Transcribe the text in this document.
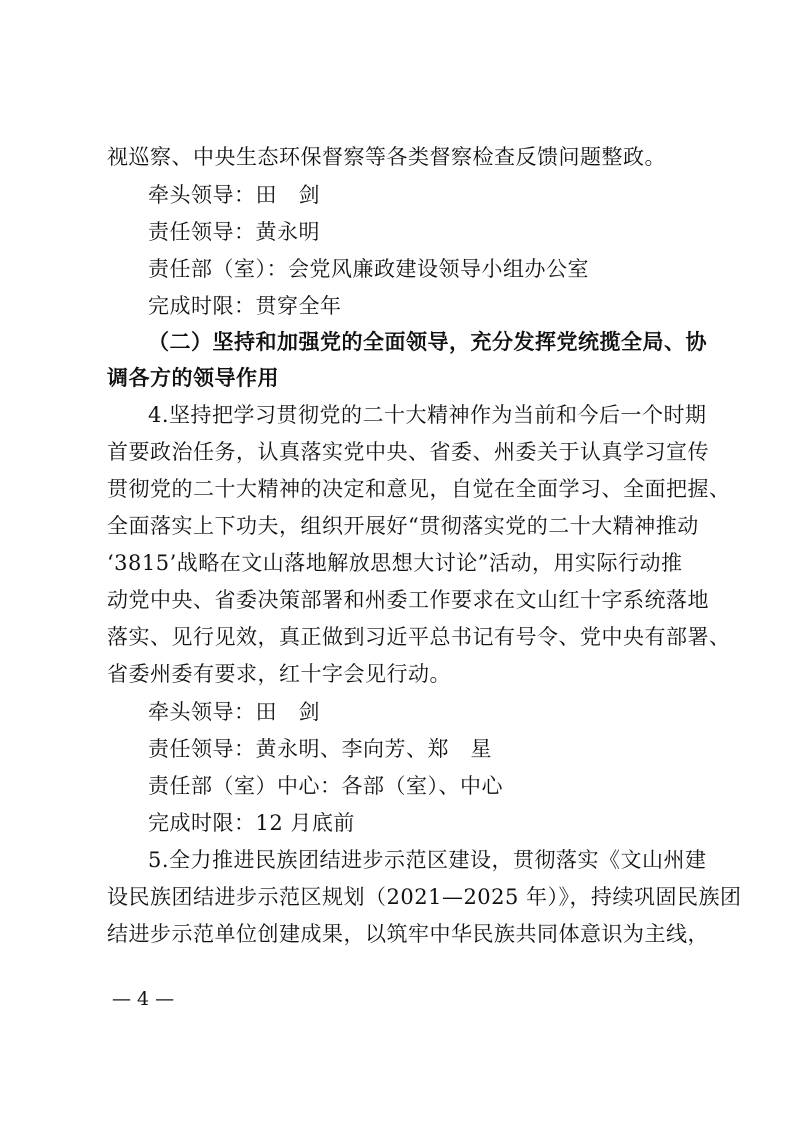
视巡察、中央生态环保督察等各类督察检查反馈问题整政。
牵头领导：田　剑
责任领导：黄永明
责任部（室）：会党风廉政建设领导小组办公室
完成时限：贯穿全年
（二）坚持和加强党的全面领导，充分发挥党统揽全局、协
调各方的领导作用
4.坚持把学习贯彻党的二十大精神作为当前和今后一个时期
首要政治任务，认真落实党中央、省委、州委关于认真学习宣传
贯彻党的二十大精神的决定和意见，自觉在全面学习、全面把握、
全面落实上下功夫，组织开展好“贯彻落实党的二十大精神推动
‘3815’战略在文山落地解放思想大讨论”活动，用实际行动推
动党中央、省委决策部署和州委工作要求在文山红十字系统落地
落实、见行见效，真正做到习近平总书记有号令、党中央有部署、
省委州委有要求，红十字会见行动。
牵头领导：田　剑
责任领导：黄永明、李向芳、郑　星
责任部（室）中心：各部（室）、中心
完成时限：12 月底前
5.全力推进民族团结进步示范区建设，贯彻落实《文山州建
设民族团结进步示范区规划（2021—2025 年）》，持续巩固民族团
结进步示范单位创建成果，以筑牢中华民族共同体意识为主线，
— 4 —
